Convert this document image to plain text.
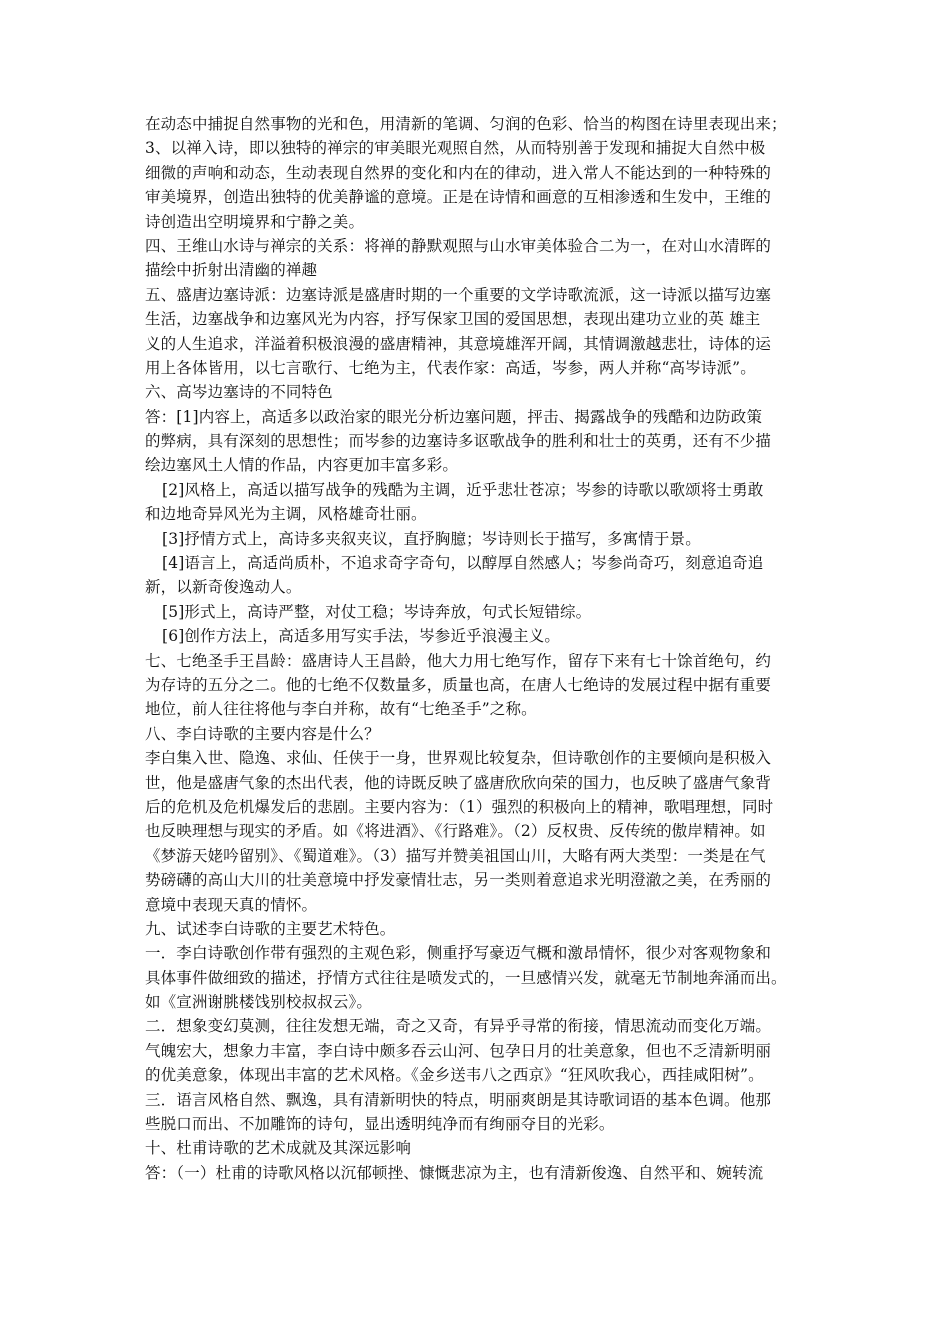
在动态中捕捉自然事物的光和色，用清新的笔调、匀润的色彩、恰当的构图在诗里表现出来；
3、以禅入诗，即以独特的禅宗的审美眼光观照自然，从而特别善于发现和捕捉大自然中极
细微的声响和动态，生动表现自然界的变化和内在的律动，进入常人不能达到的一种特殊的
审美境界，创造出独特的优美静谧的意境。正是在诗情和画意的互相渗透和生发中，王维的
诗创造出空明境界和宁静之美。
四、王维山水诗与禅宗的关系：将禅的静默观照与山水审美体验合二为一，在对山水清晖的
描绘中折射出清幽的禅趣
五、盛唐边塞诗派：边塞诗派是盛唐时期的一个重要的文学诗歌流派，这一诗派以描写边塞
生活，边塞战争和边塞风光为内容，抒写保家卫国的爱国思想，表现出建功立业的英 雄主
义的人生追求，洋溢着积极浪漫的盛唐精神，其意境雄浑开阔，其情调激越悲壮，诗体的运
用上各体皆用，以七言歌行、七绝为主，代表作家：高适，岑参，两人并称“高岑诗派”。
六、高岑边塞诗的不同特色
答：[1]内容上，高适多以政治家的眼光分析边塞问题，抨击、揭露战争的残酷和边防政策
的弊病，具有深刻的思想性；而岑参的边塞诗多讴歌战争的胜利和壮士的英勇，还有不少描
绘边塞风土人情的作品，内容更加丰富多彩。
[2]风格上，高适以描写战争的残酷为主调，近乎悲壮苍凉；岑参的诗歌以歌颂将士勇敢
和边地奇异风光为主调，风格雄奇壮丽。
[3]抒情方式上，高诗多夹叙夹议，直抒胸臆；岑诗则长于描写，多寓情于景。
[4]语言上，高适尚质朴，不追求奇字奇句，以醇厚自然感人；岑参尚奇巧，刻意追奇追
新，以新奇俊逸动人。
[5]形式上，高诗严整，对仗工稳；岑诗奔放，句式长短错综。
[6]创作方法上，高适多用写实手法，岑参近乎浪漫主义。
七、七绝圣手王昌龄：盛唐诗人王昌龄，他大力用七绝写作，留存下来有七十馀首绝句，约
为存诗的五分之二。他的七绝不仅数量多，质量也高，在唐人七绝诗的发展过程中据有重要
地位，前人往往将他与李白并称，故有“七绝圣手”之称。
八、李白诗歌的主要内容是什么？
李白集入世、隐逸、求仙、任侠于一身，世界观比较复杂，但诗歌创作的主要倾向是积极入
世，他是盛唐气象的杰出代表，他的诗既反映了盛唐欣欣向荣的国力，也反映了盛唐气象背
后的危机及危机爆发后的悲剧。主要内容为：（1）强烈的积极向上的精神，歌唱理想，同时
也反映理想与现实的矛盾。如《将进酒》、《行路难》。（2）反权贵、反传统的傲岸精神。如
《梦游天姥吟留别》、《蜀道难》。（3）描写并赞美祖国山川，大略有两大类型：一类是在气
势磅礴的高山大川的壮美意境中抒发豪情壮志，另一类则着意追求光明澄澈之美，在秀丽的
意境中表现天真的情怀。
九、试述李白诗歌的主要艺术特色。
一．李白诗歌创作带有强烈的主观色彩，侧重抒写豪迈气概和激昂情怀，很少对客观物象和
具体事件做细致的描述，抒情方式往往是喷发式的，一旦感情兴发，就毫无节制地奔涌而出。
如《宣洲谢朓楼饯别校叔叔云》。
二．想象变幻莫测，往往发想无端，奇之又奇，有异乎寻常的衔接，情思流动而变化万端。
气魄宏大，想象力丰富，李白诗中颇多吞云山河、包孕日月的壮美意象，但也不乏清新明丽
的优美意象，体现出丰富的艺术风格。《金乡送韦八之西京》“狂风吹我心，西挂咸阳树”。
三．语言风格自然、飘逸，具有清新明快的特点，明丽爽朗是其诗歌词语的基本色调。他那
些脱口而出、不加雕饰的诗句，显出透明纯净而有绚丽夺目的光彩。
十、杜甫诗歌的艺术成就及其深远影响
答：（一）杜甫的诗歌风格以沉郁顿挫、慷慨悲凉为主，也有清新俊逸、自然平和、婉转流
